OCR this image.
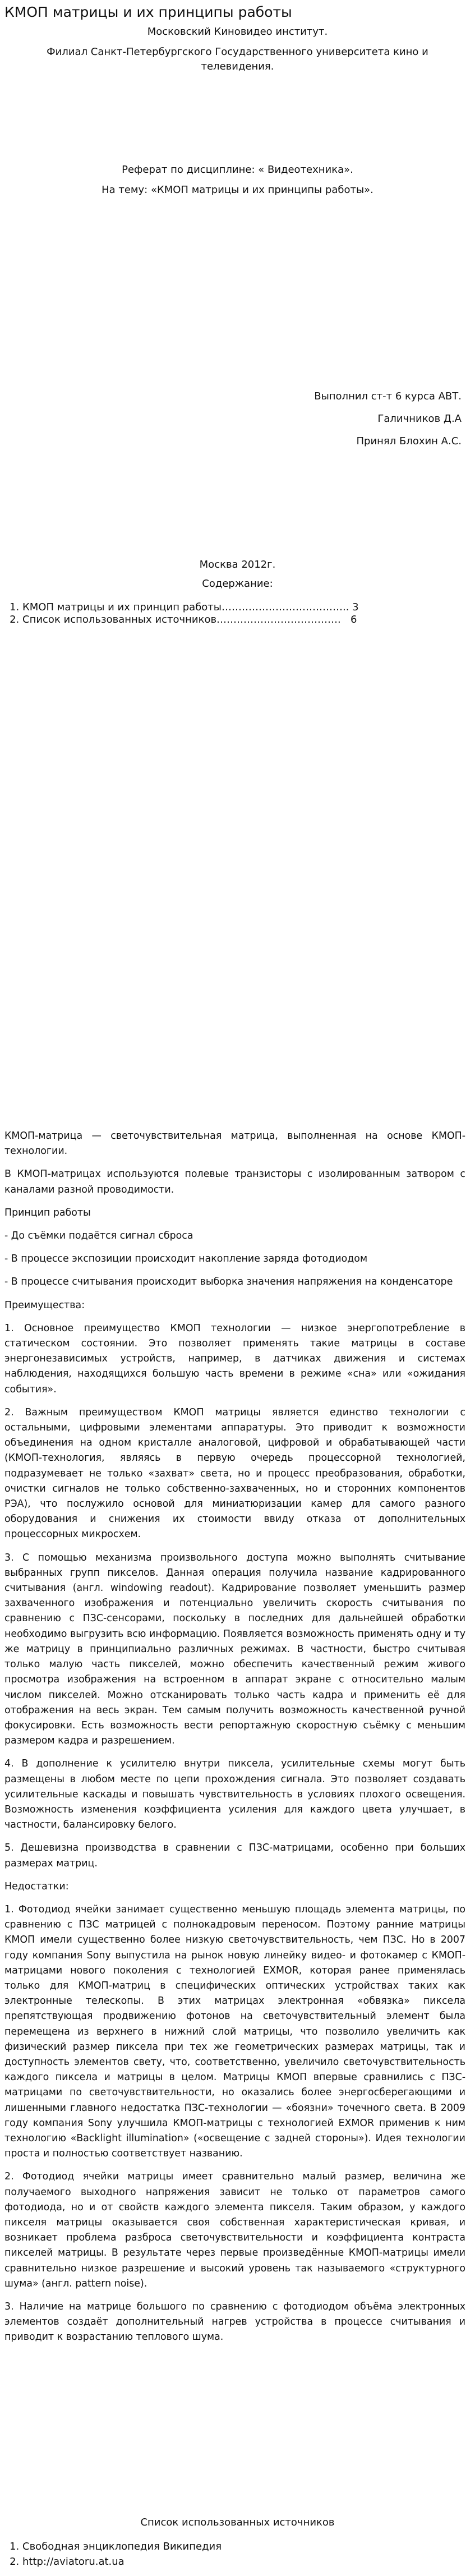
КМОП матрицы и их принципы работы
Московский Киновидео институт.
Филиал Санкт-Петербургского Государственного университета кино и телевидения.
Реферат по дисциплине: « Видеотехника».
На тему: «КМОП матрицы и их принципы работы».
Выполнил ст-т 6 курса АВТ.
Галичников Д.А
Принял Блохин А.С.
Москва 2012г.
Содержание:
1. КМОП матрицы и их принцип работы……………………………….. 3
2. Список использованных источников……………………………….   6

КМОП-матрица — светочувствительная матрица, выполненная на основе КМОП-технологии.

В КМОП-матрицах используются полевые транзисторы с изолированным затвором с каналами разной проводимости.

Принцип работы

- До съёмки подаётся сигнал сброса

- В процессе экспозиции происходит накопление заряда фотодиодом

- В процессе считывания происходит выборка значения напряжения на конденсаторе

Преимущества:

1. Основное преимущество КМОП технологии — низкое энергопотребление в статическом состоянии. Это позволяет применять такие матрицы в составе энергонезависимых устройств, например, в датчиках движения и системах наблюдения, находящихся большую часть времени в режиме «сна» или «ожидания события».

2. Важным преимуществом КМОП матрицы является единство технологии с остальными, цифровыми элементами аппаратуры. Это приводит к возможности объединения на одном кристалле аналоговой, цифровой и обрабатывающей части (КМОП-технология, являясь в первую очередь процессорной технологией, подразумевает не только «захват» света, но и процесс преобразования, обработки, очистки сигналов не только собственно-захваченных, но и сторонних компонентов РЭА), что послужило основой для миниатюризации камер для самого разного оборудования и снижения их стоимости ввиду отказа от дополнительных процессорных микросхем.

3. С помощью механизма произвольного доступа можно выполнять считывание выбранных групп пикселов. Данная операция получила название кадрированного считывания (англ. windowing readout). Кадрирование позволяет уменьшить размер захваченного изображения и потенциально увеличить скорость считывания по сравнению с ПЗС-сенсорами, поскольку в последних для дальнейшей обработки необходимо выгрузить всю информацию. Появляется возможность применять одну и ту же матрицу в принципиально различных режимах. В частности, быстро считывая только малую часть пикселей, можно обеспечить качественный режим живого просмотра изображения на встроенном в аппарат экране с относительно малым числом пикселей. Можно отсканировать только часть кадра и применить её для отображения на весь экран. Тем самым получить возможность качественной ручной фокусировки. Есть возможность вести репортажную скоростную съёмку с меньшим размером кадра и разрешением.

4. В дополнение к усилителю внутри пиксела, усилительные схемы могут быть размещены в любом месте по цепи прохождения сигнала. Это позволяет создавать усилительные каскады и повышать чувствительность в условиях плохого освещения. Возможность изменения коэффициента усиления для каждого цвета улучшает, в частности, балансировку белого.

5. Дешевизна производства в сравнении с ПЗС-матрицами, особенно при больших размерах матриц.

Недостатки:

1. Фотодиод ячейки занимает существенно меньшую площадь элемента матрицы, по сравнению с ПЗС матрицей с полнокадровым переносом. Поэтому ранние матрицы КМОП имели существенно более низкую светочувствительность, чем ПЗС. Но в 2007 году компания Sony выпустила на рынок новую линейку видео- и фотокамер с КМОП-матрицами нового поколения с технологией EXMOR, которая ранее применялась только для КМОП-матриц в специфических оптических устройствах таких как электронные телескопы. В этих матрицах электронная «обвязка» пиксела препятствующая продвижению фотонов на светочувствительный элемент была перемещена из верхнего в нижний слой матрицы, что позволило увеличить как физический размер пиксела при тех же геометрических размерах матрицы, так и доступность элементов свету, что, соответственно, увеличило светочувствительность каждого пиксела и матрицы в целом. Матрицы КМОП впервые сравнились с ПЗС-матрицами по светочувствительности, но оказались более энергосберегающими и лишенными главного недостатка ПЗС-технологии — «боязни» точечного света. В 2009 году компания Sony улучшила КМОП-матрицы с технологией EXMOR применив к ним технологию «Backlight illumination» («освещение с задней стороны»). Идея технологии проста и полностью соответствует названию.

2. Фотодиод ячейки матрицы имеет сравнительно малый размер, величина же получаемого выходного напряжения зависит не только от параметров самого фотодиода, но и от свойств каждого элемента пикселя. Таким образом, у каждого пикселя матрицы оказывается своя собственная характеристическая кривая, и возникает проблема разброса светочувствительности и коэффициента контраста пикселей матрицы. В результате через первые произведённые КМОП-матрицы имели сравнительно низкое разрешение и высокий уровень так называемого «структурного шума» (англ. pattern noise).

3. Наличие на матрице большого по сравнению с фотодиодом объёма электронных элементов создаёт дополнительный нагрев устройства в процессе считывания и приводит к возрастанию теплового шума.

Список использованных источников
1. Свободная энциклопедия Википедия
2. http://aviatoru.at.ua
